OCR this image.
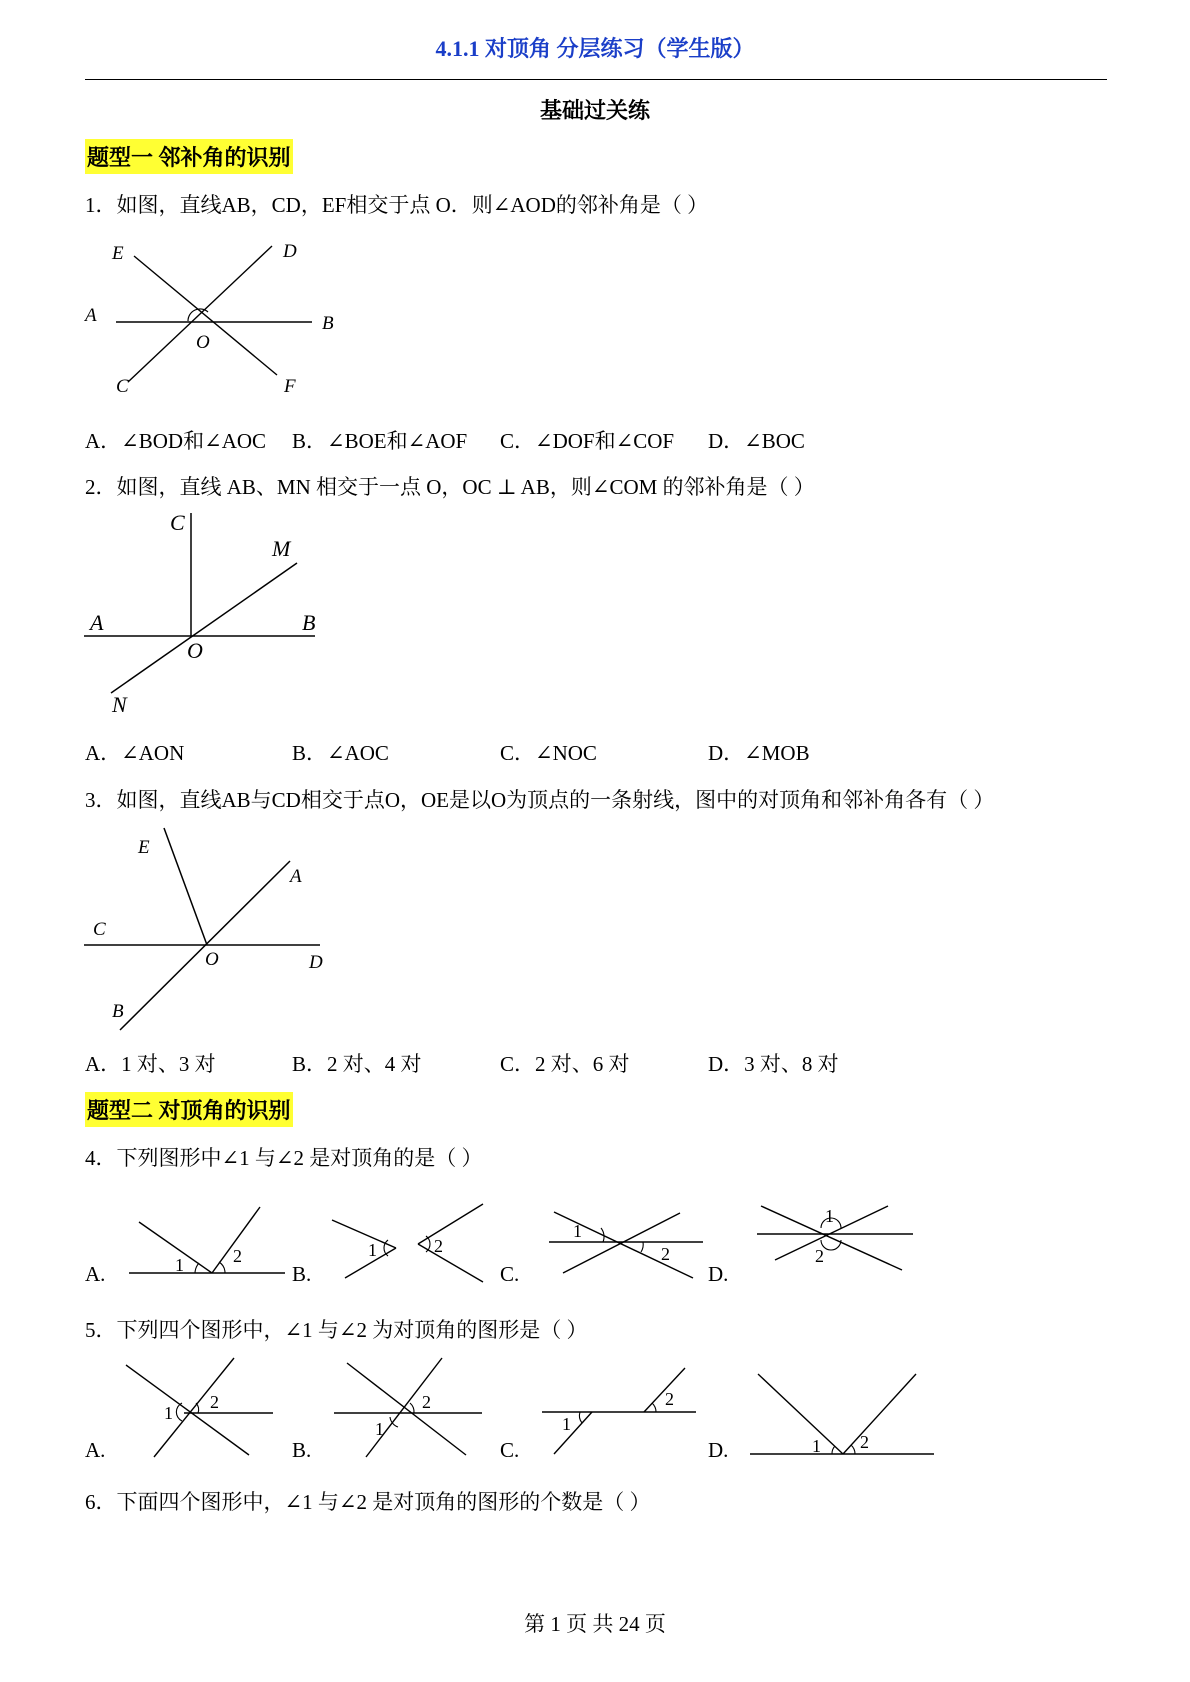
4.1.1 对顶角 分层练习（学生版）
基础过关练
题型一 邻补角的识别
1．如图，直线AB，CD，EF相交于点 O．则∠AOD的邻补角是（ ）
E	D
A	B
O
C	F
A．∠BOD和∠AOC B．∠BOE和∠AOF C．∠DOF和∠COF D．∠BOC
2．如图，直线 AB、MN 相交于一点 O，OC ⊥ AB，则∠COM 的邻补角是（ ）
C
M
A	B
O
N
A．∠AON	B．∠AOC	C．∠NOC	D．∠MOB
3．如图，直线AB与CD相交于点O，OE是以O为顶点的一条射线，图中的对顶角和邻补角各有（ ）
E
A
C
O	D
B
A．1 对、3 对	B．2 对、4 对	C．2 对、6 对	D．3 对、8 对
题型二 对顶角的识别
4．下列图形中∠1 与∠2 是对顶角的是（ ）
A.	1	2
B.
1	2
C.
1
2
D.
1
2
5．下列四个图形中，∠1 与∠2 为对顶角的图形是（ ）
A.
1
2
B.
1
2
C.
1
2
D.	1 2
6．下面四个图形中，∠1 与∠2 是对顶角的图形的个数是（ ）
第 1 页 共 24 页
